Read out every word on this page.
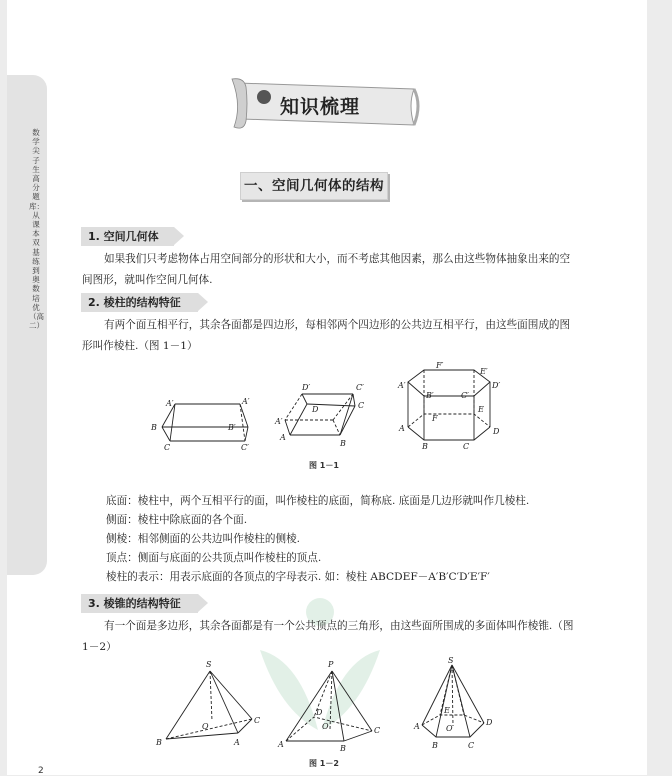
数学尖子生高分题库：从课本双基练到奥数培优（高二）
知识梳理
一、空间几何体的结构
1. 空间几何体
如果我们只考虑物体占用空间部分的形状和大小，而不考虑其他因素，那么由这些物体抽象出来的空间图形，就叫作空间几何体.
2. 棱柱的结构特征
有两个面互相平行，其余各面都是四边形，每相邻两个四边形的公共边互相平行，由这些面围成的图形叫作棱柱.（图 1－1）
A′	A′
B	B′
C	C′
D′	C′
D	C
A′
A
B
F′
E′
A′	D′
B′	C′
E
F
A	D
B	C
图 1－1
底面：棱柱中，两个互相平行的面，叫作棱柱的底面，简称底. 底面是几边形就叫作几棱柱.
侧面：棱柱中除底面的各个面.
侧棱：相邻侧面的公共边叫作棱柱的侧棱.
顶点：侧面与底面的公共顶点叫作棱柱的顶点.
棱柱的表示：用表示底面的各顶点的字母表示. 如：棱柱 ABCDEF－A′B′C′D′E′F′
3. 棱锥的结构特征
有一个面是多边形，其余各面都是有一个公共顶点的三角形，由这些面所围成的多面体叫作棱锥.（图 1－2）
S
O
C
B	A
P
D
O	C
A	B
S
E
D
A	O
B	C
图 1－2
2
